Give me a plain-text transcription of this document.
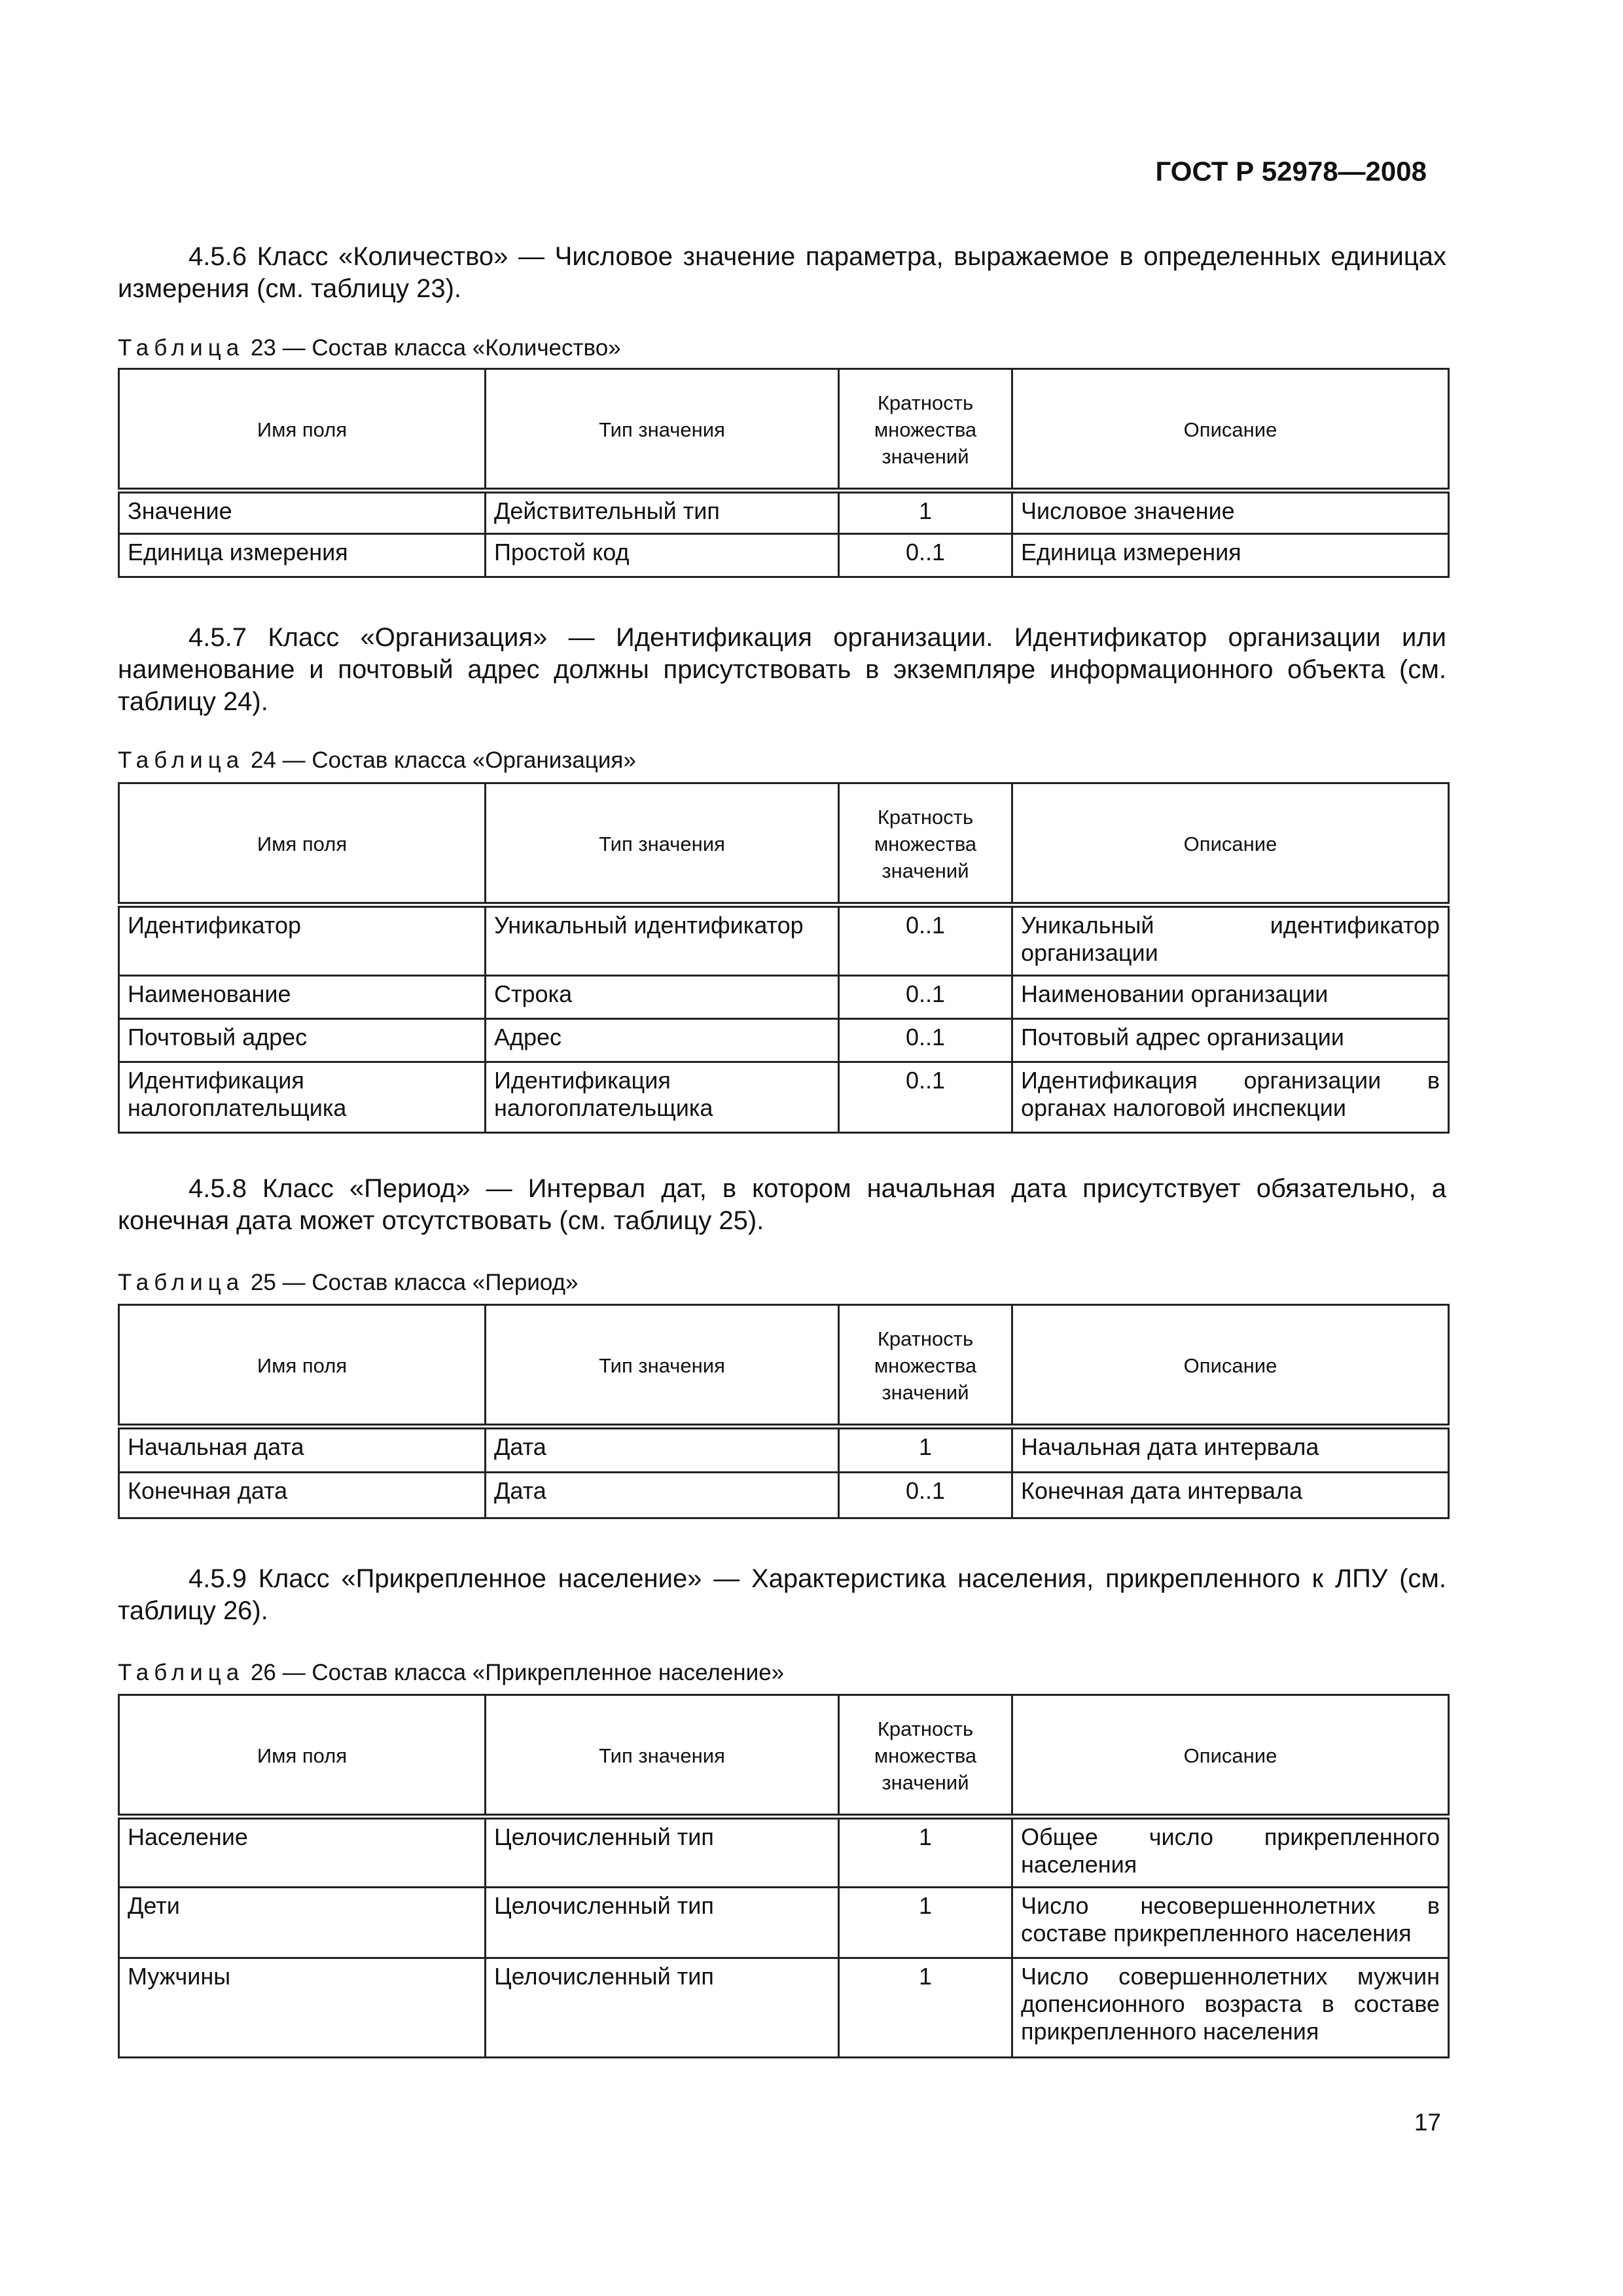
ГОСТ Р 52978—2008

4.5.6 Класс «Количество» — Числовое значение параметра, выражаемое в определенных единицах измерения (см. таблицу 23).

Таблица 23 — Состав класса «Количество»

Имя поля	Тип значения	Кратность множества значений	Описание
Значение	Действительный тип	1	Числовое значение
Единица измерения	Простой код	0..1	Единица измерения

4.5.7 Класс «Организация» — Идентификация организации. Идентификатор организации или наименование и почтовый адрес должны присутствовать в экземпляре информационного объекта (см. таблицу 24).

Таблица 24 — Состав класса «Организация»

Имя поля	Тип значения	Кратность множества значений	Описание
Идентификатор	Уникальный идентификатор	0..1	Уникальный идентификатор организации
Наименование	Строка	0..1	Наименовании организации
Почтовый адрес	Адрес	0..1	Почтовый адрес организации
Идентификация налогоплательщика	Идентификация налогоплательщика	0..1	Идентификация организации в органах налоговой инспекции

4.5.8 Класс «Период» — Интервал дат, в котором начальная дата присутствует обязательно, а конечная дата может отсутствовать (см. таблицу 25).

Таблица 25 — Состав класса «Период»

Имя поля	Тип значения	Кратность множества значений	Описание
Начальная дата	Дата	1	Начальная дата интервала
Конечная дата	Дата	0..1	Конечная дата интервала

4.5.9 Класс «Прикрепленное население» — Характеристика населения, прикрепленного к ЛПУ (см. таблицу 26).

Таблица 26 — Состав класса «Прикрепленное население»

Имя поля	Тип значения	Кратность множества значений	Описание
Население	Целочисленный тип	1	Общее число прикрепленного населения
Дети	Целочисленный тип	1	Число несовершеннолетних в составе прикрепленного населения
Мужчины	Целочисленный тип	1	Число совершеннолетних мужчин допенсионного возраста в составе прикрепленного населения
17
